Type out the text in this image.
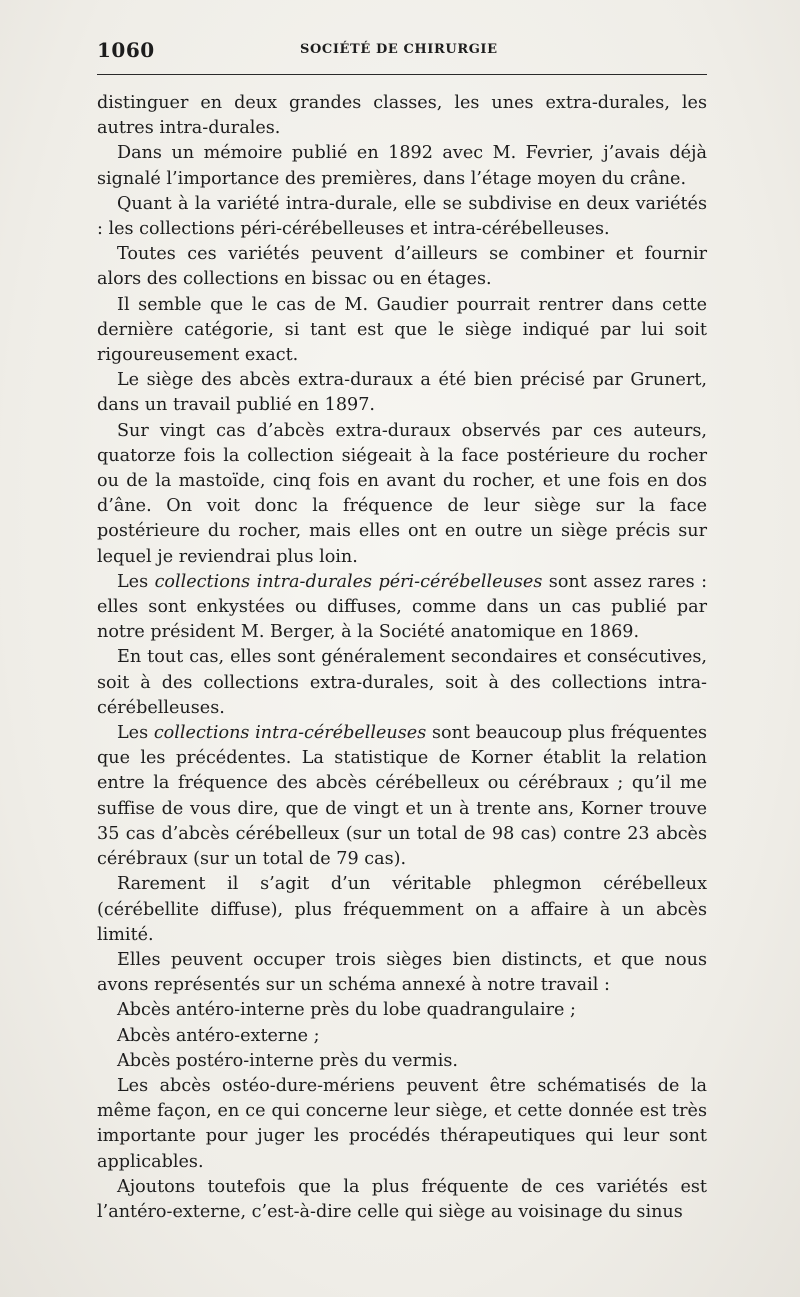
1060	SOCIÉTÉ DE CHIRURGIE

distinguer en deux grandes classes, les unes extra-durales, les autres intra-durales.

Dans un mémoire publié en 1892 avec M. Fevrier, j’avais déjà signalé l’importance des premières, dans l’étage moyen du crâne.

Quant à la variété intra-durale, elle se subdivise en deux variétés : les collections péri-cérébelleuses et intra-cérébelleuses.

Toutes ces variétés peuvent d’ailleurs se combiner et fournir alors des collections en bissac ou en étages.

Il semble que le cas de M. Gaudier pourrait rentrer dans cette dernière catégorie, si tant est que le siège indiqué par lui soit rigoureusement exact.

Le siège des abcès extra-duraux a été bien précisé par Grunert, dans un travail publié en 1897.

Sur vingt cas d’abcès extra-duraux observés par ces auteurs, quatorze fois la collection siégeait à la face postérieure du rocher ou de la mastoïde, cinq fois en avant du rocher, et une fois en dos d’âne. On voit donc la fréquence de leur siège sur la face postérieure du rocher, mais elles ont en outre un siège précis sur lequel je reviendrai plus loin.

Les collections intra-durales péri-cérébelleuses sont assez rares : elles sont enkystées ou diffuses, comme dans un cas publié par notre président M. Berger, à la Société anatomique en 1869.

En tout cas, elles sont généralement secondaires et consécutives, soit à des collections extra-durales, soit à des collections intra-cérébelleuses.

Les collections intra-cérébelleuses sont beaucoup plus fréquentes que les précédentes. La statistique de Korner établit la relation entre la fréquence des abcès cérébelleux ou cérébraux ; qu’il me suffise de vous dire, que de vingt et un à trente ans, Korner trouve 35 cas d’abcès cérébelleux (sur un total de 98 cas) contre 23 abcès cérébraux (sur un total de 79 cas).

Rarement il s’agit d’un véritable phlegmon cérébelleux (cérébellite diffuse), plus fréquemment on a affaire à un abcès limité.

Elles peuvent occuper trois sièges bien distincts, et que nous avons représentés sur un schéma annexé à notre travail :

Abcès antéro-interne près du lobe quadrangulaire ;

Abcès antéro-externe ;

Abcès postéro-interne près du vermis.

Les abcès ostéo-dure-mériens peuvent être schématisés de la même façon, en ce qui concerne leur siège, et cette donnée est très importante pour juger les procédés thérapeutiques qui leur sont applicables.

Ajoutons toutefois que la plus fréquente de ces variétés est l’antéro-externe, c’est-à-dire celle qui siège au voisinage du sinus
